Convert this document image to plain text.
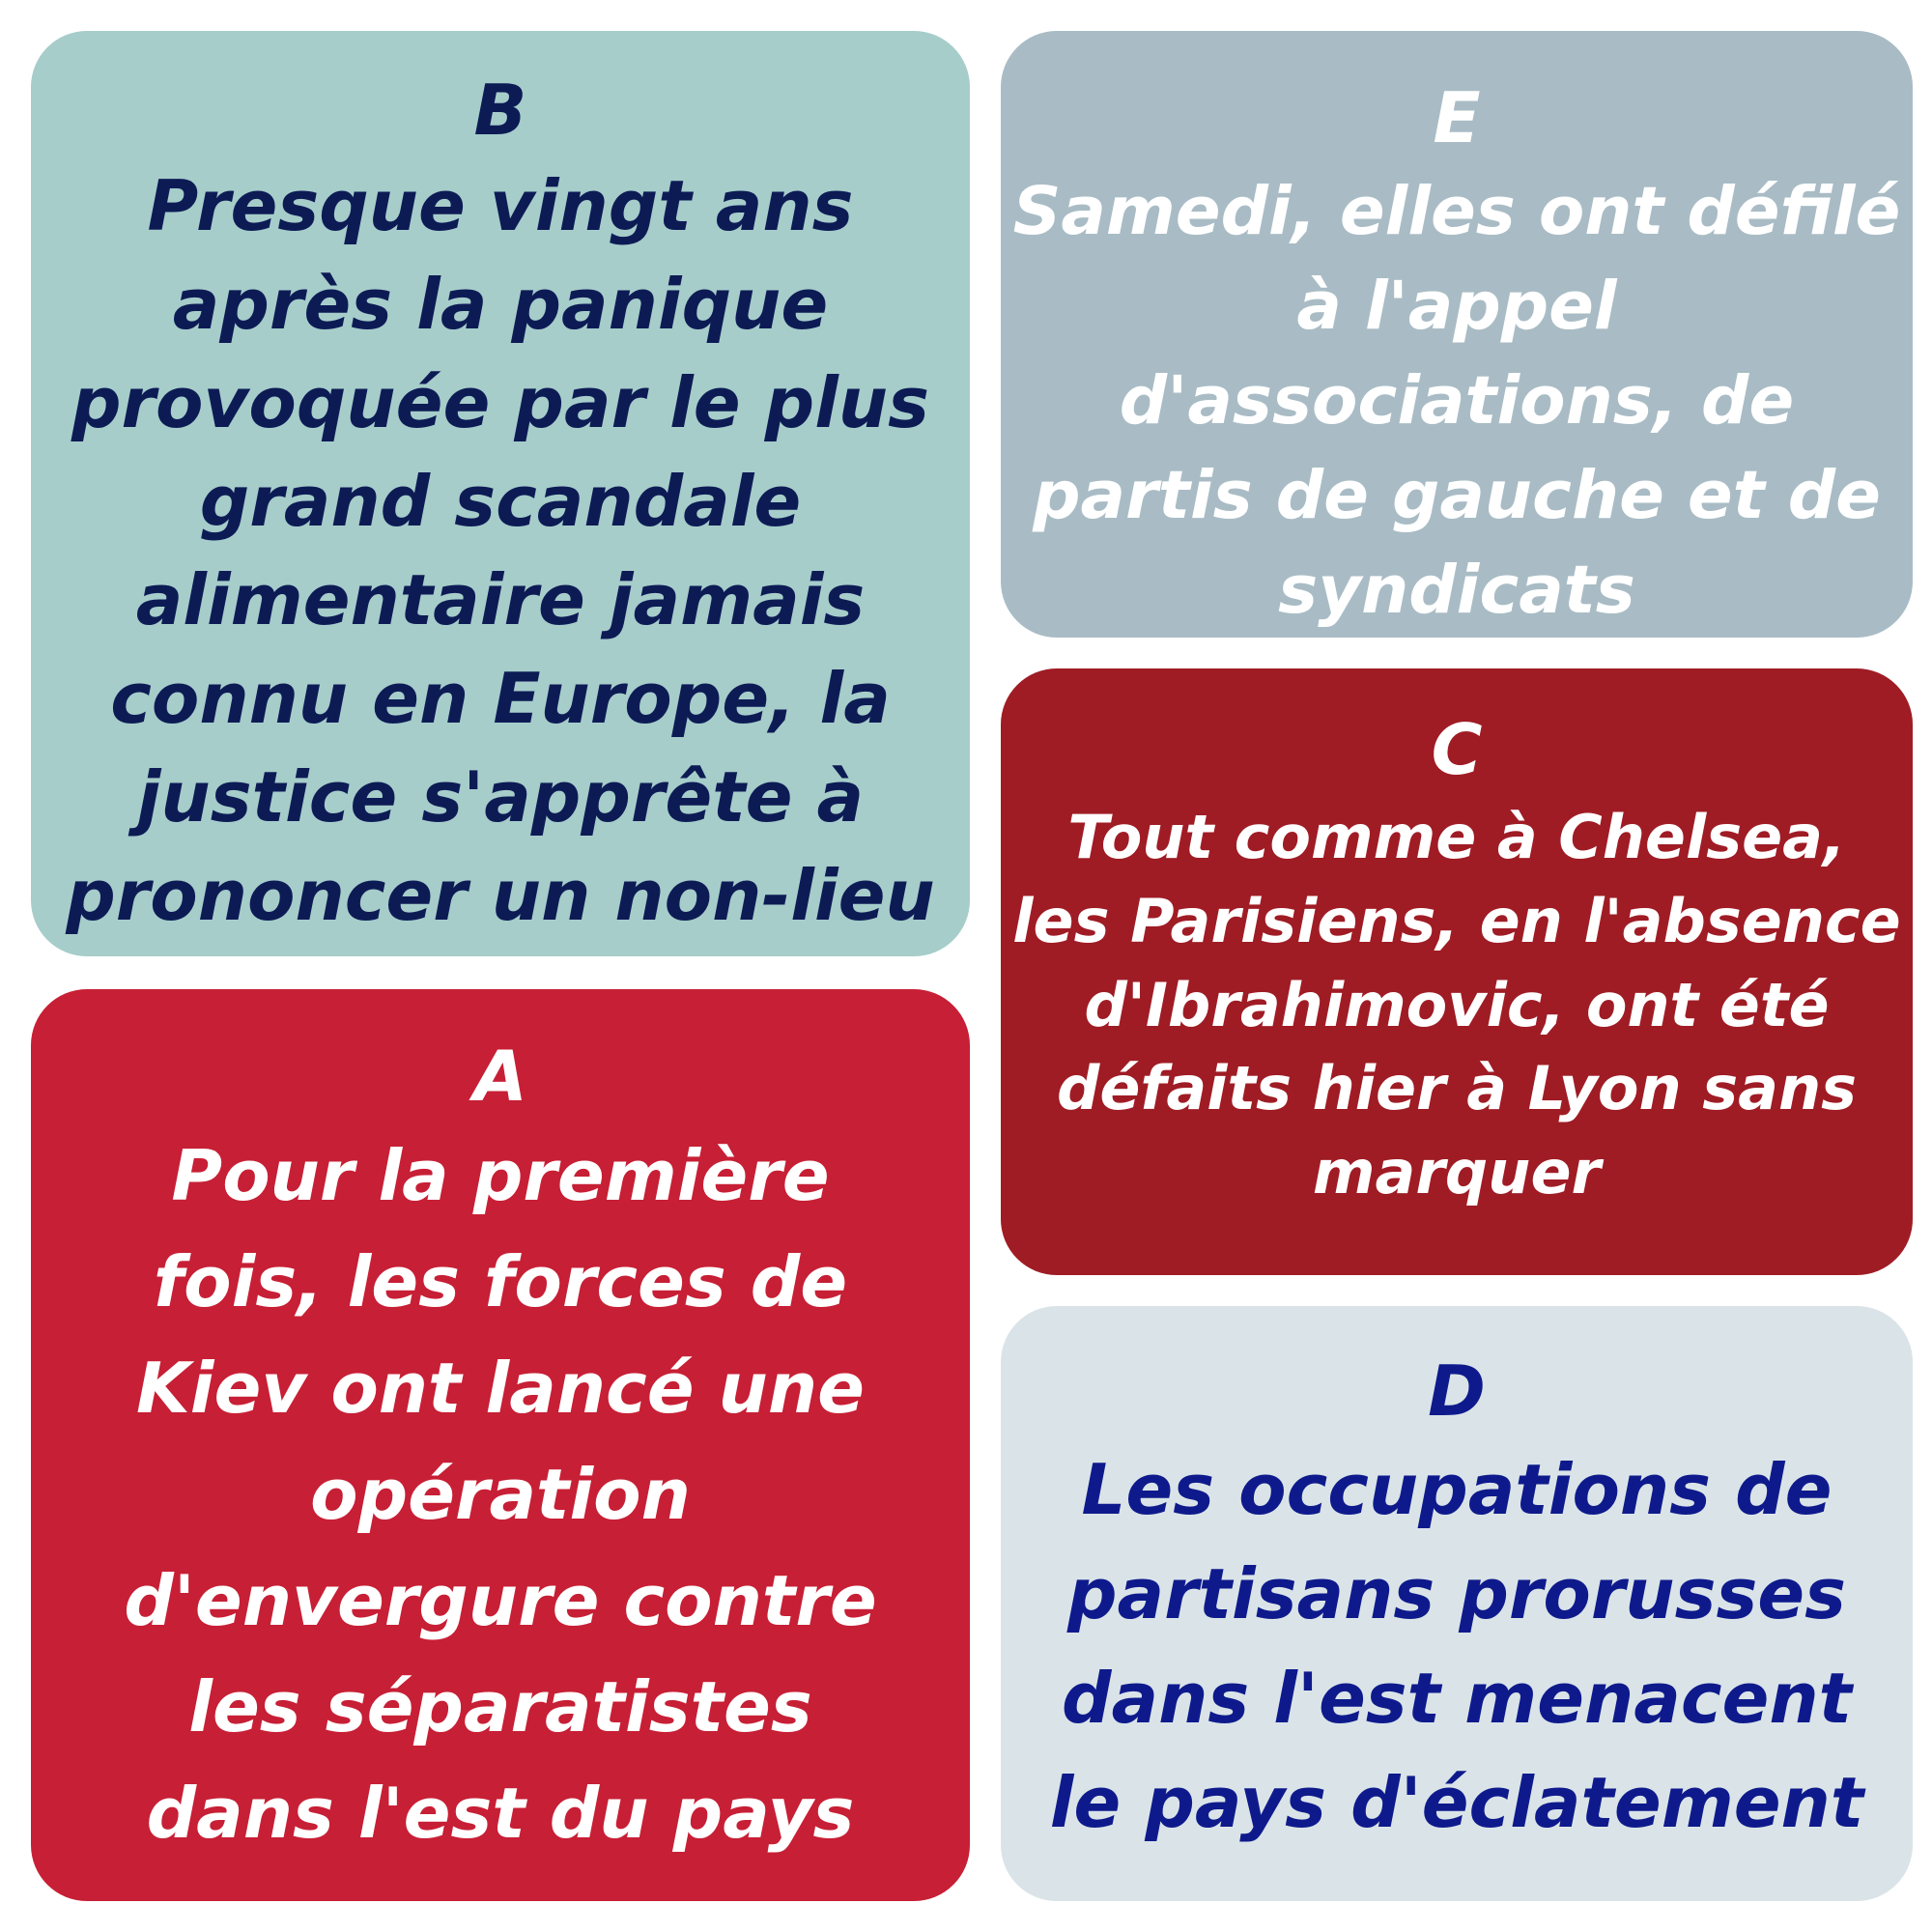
B
Presque vingt ans
après la panique
provoquée par le plus
grand scandale
alimentaire jamais
connu en Europe, la
justice s'apprête à
prononcer un non-lieu
E
Samedi, elles ont défilé
à l'appel
d'associations, de
partis de gauche et de
syndicats
C
Tout comme à Chelsea,
les Parisiens, en l'absence
d'Ibrahimovic, ont été
défaits hier à Lyon sans
marquer
A
Pour la première
fois, les forces de
Kiev ont lancé une
opération
d'envergure contre
les séparatistes
dans l'est du pays
D
Les occupations de
partisans prorusses
dans l'est menacent
le pays d'éclatement
